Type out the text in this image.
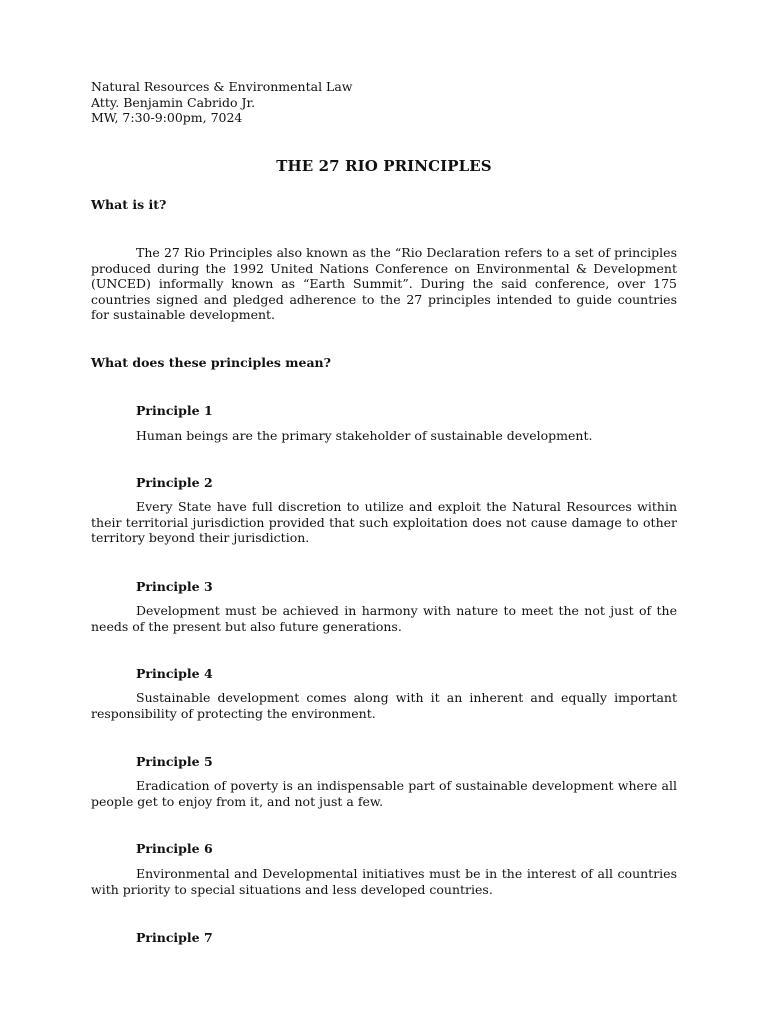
Natural Resources & Environmental Law
Atty. Benjamin Cabrido Jr.
MW, 7:30-9:00pm, 7024
THE 27 RIO PRINCIPLES
What is it?
The 27 Rio Principles also known as the “Rio Declaration refers to a set of principles produced during the 1992 United Nations Conference on Environmental & Development (UNCED) informally known as “Earth Summit”. During the said conference, over 175 countries signed and pledged adherence to the 27 principles intended to guide countries for sustainable development.
What does these principles mean?
Principle 1
Human beings are the primary stakeholder of sustainable development.
Principle 2
Every State have full discretion to utilize and exploit the Natural Resources within their territorial jurisdiction provided that such exploitation does not cause damage to other territory beyond their jurisdiction.
Principle 3
Development must be achieved in harmony with nature to meet the not just of the needs of the present but also future generations.
Principle 4
Sustainable development comes along with it an inherent and equally important responsibility of protecting the environment.
Principle 5
Eradication of poverty is an indispensable part of sustainable development where all people get to enjoy from it, and not just a few.
Principle 6
Environmental and Developmental initiatives must be in the interest of all countries with priority to special situations and less developed countries.
Principle 7
